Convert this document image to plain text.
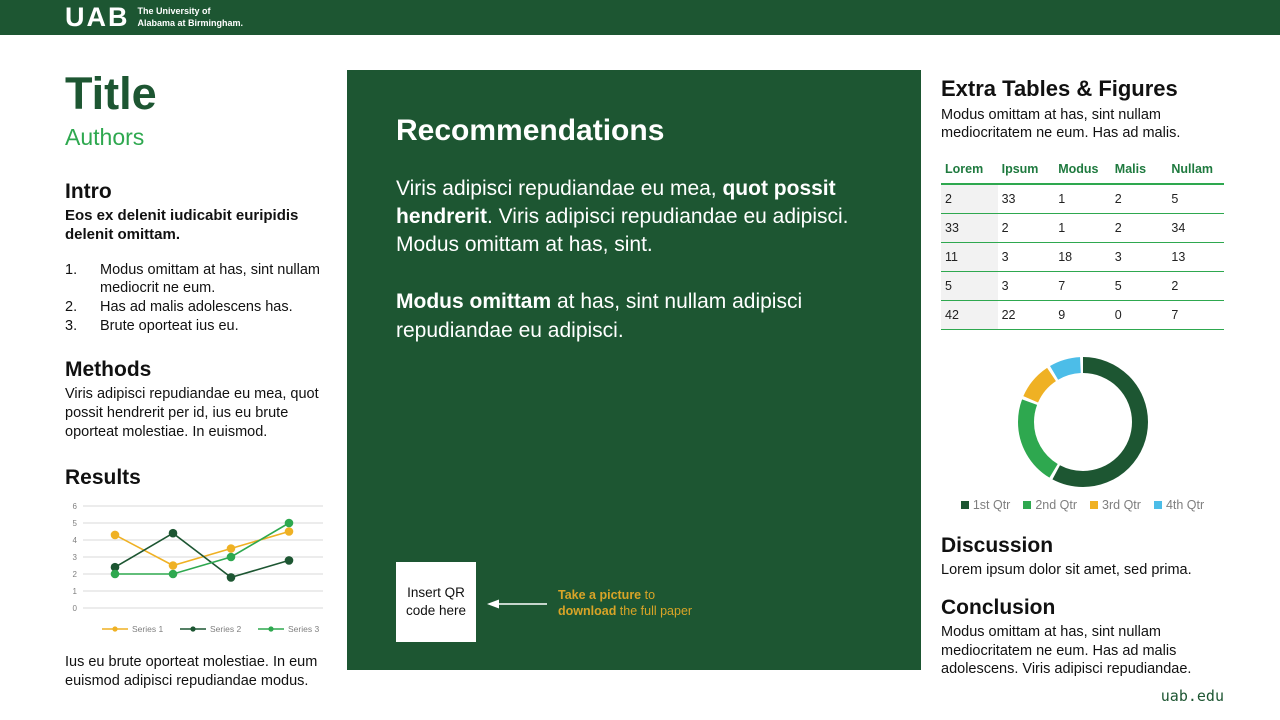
UAB The University of
Alabama at Birmingham.
Title
Authors
Intro
Eos ex delenit iudicabit euripidis delenit omittam.
Modus omittam at has, sint nullam mediocrit ne eum.
Has ad malis adolescens has.
Brute oporteat ius eu.
Methods
Viris adipisci repudiandae eu mea, quot possit hendrerit per id, ius eu brute oporteat molestiae. In euismod.
Results
0
1
2
3
4
5
6
Series 1	Series 2	Series 3
Ius eu brute oporteat molestiae. In eum euismod adipisci repudiandae modus.
Recommendations

Viris adipisci repudiandae eu mea, quot possit hendrerit. Viris adipisci repudiandae eu adipisci. Modus omittam at has, sint.

Modus omittam at has, sint nullam adipisci repudiandae eu adipisci.

Insert QR code here
Take a picture to download the full paper
Extra Tables & Figures
Modus omittam at has, sint nullam mediocritatem ne eum. Has ad malis.
Lorem	Ipsum	Modus	Malis	Nullam
2	33	1	2	5
33	2	1	2	34
11	3	18	3	13
5	3	7	5	2
42	22	9	0	7
1st Qtr 2nd Qtr 3rd Qtr 4th Qtr
Discussion
Lorem ipsum dolor sit amet, sed prima.
Conclusion
Modus omittam at has, sint nullam mediocritatem ne eum. Has ad malis adolescens. Viris adipisci repudiandae.
uab.edu
